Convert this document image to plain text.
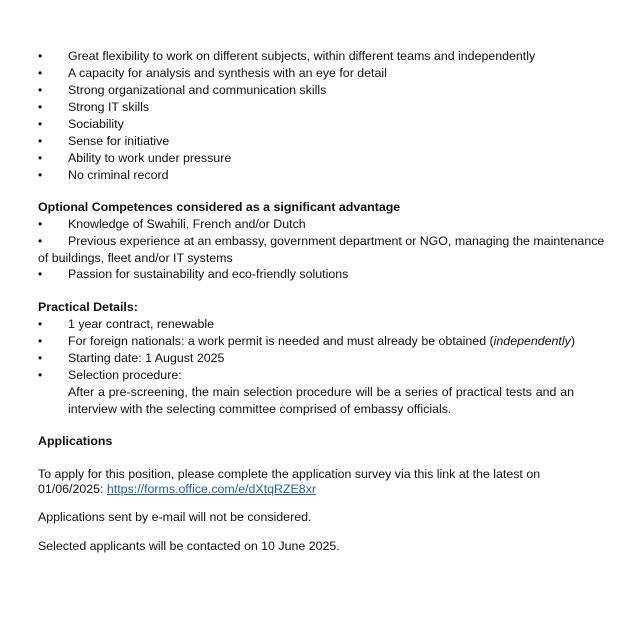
•	Great flexibility to work on different subjects, within different teams and independently
•	A capacity for analysis and synthesis with an eye for detail
•	Strong organizational and communication skills
•	Strong IT skills
•	Sociability
•	Sense for initiative
•	Ability to work under pressure
•	No criminal record
Optional Competences considered as a significant advantage
•	Knowledge of Swahili, French and/or Dutch
•	Previous experience at an embassy, government department or NGO, managing the maintenance
of buildings, fleet and/or IT systems
•	Passion for sustainability and eco-friendly solutions
Practical Details:
•	1 year contract, renewable
•	For foreign nationals: a work permit is needed and must already be obtained (independently)
•	Starting date: 1 August 2025
•	Selection procedure:
After a pre-screening, the main selection procedure will be a series of practical tests and an interview with the selecting committee comprised of embassy officials.
Applications
To apply for this position, please complete the application survey via this link at the latest on
01/06/2025: https://forms.office.com/e/dXtqRZE8xr
Applications sent by e-mail will not be considered.
Selected applicants will be contacted on 10 June 2025.
